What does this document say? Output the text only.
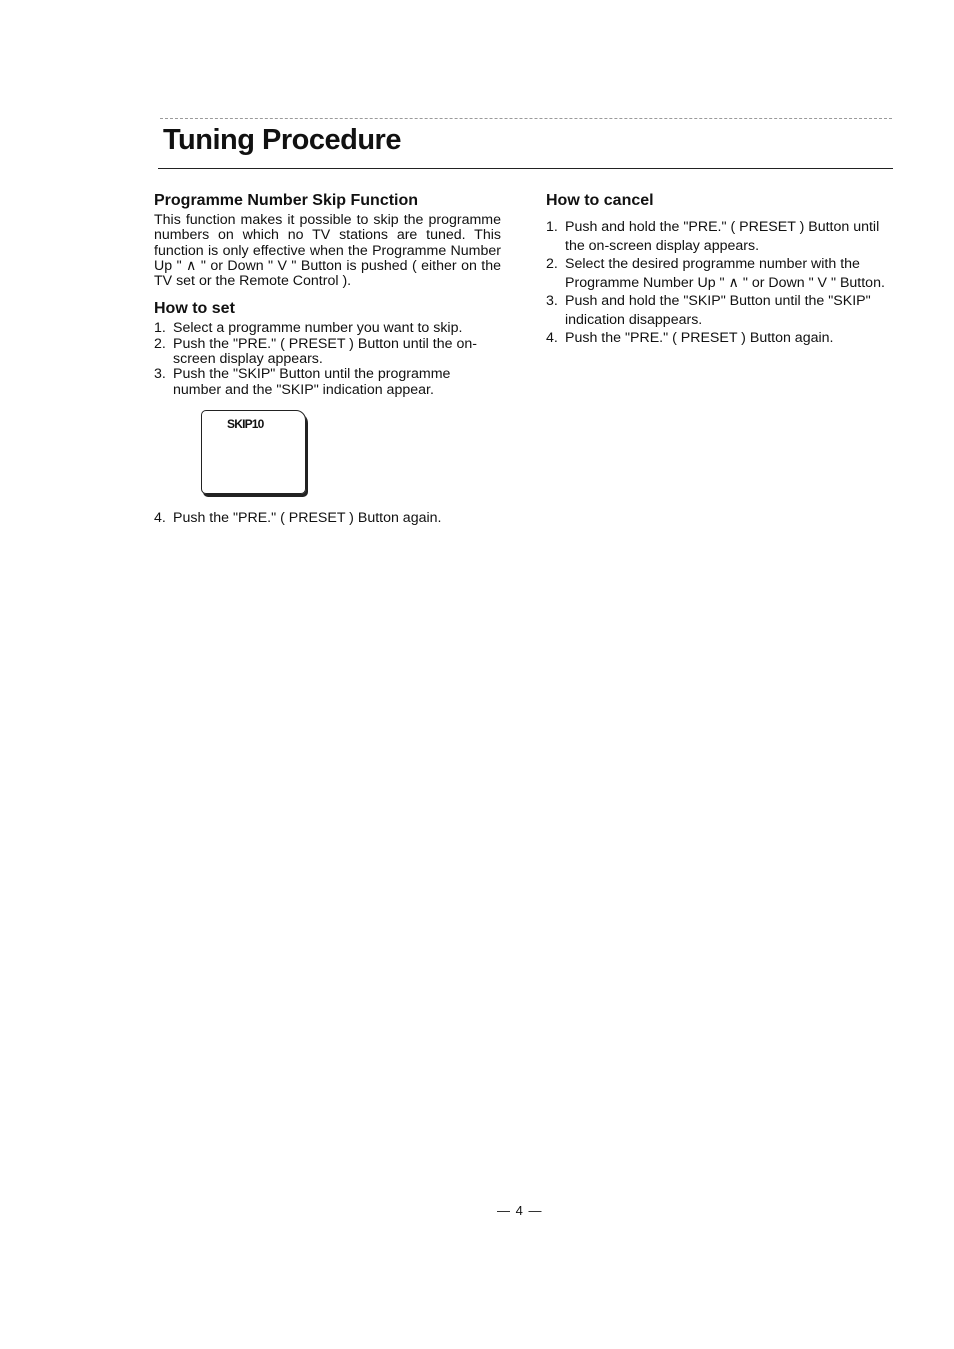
Tuning Procedure
Programme Number Skip Function

This function makes it possible to skip the programme numbers on which no TV stations are tuned. This function is only effective when the Programme Number Up " ∧ " or Down " V " Button is pushed ( either on the TV set or the Remote Control ).

How to set
1. Select a programme number you want to skip.
2. Push the "PRE." ( PRESET ) Button until the on-screen display appears.
3. Push the "SKIP" Button until the programme number and the "SKIP" indication appear.
SKIP10
4. Push the "PRE." ( PRESET ) Button again.
How to cancel
1. Push and hold the "PRE." ( PRESET ) Button until the on-screen display appears.
2. Select the desired programme number with the Programme Number Up " ∧ " or Down " V " Button.
3. Push and hold the "SKIP" Button until the "SKIP" indication disappears.
4. Push the "PRE." ( PRESET ) Button again.
— 4 —
